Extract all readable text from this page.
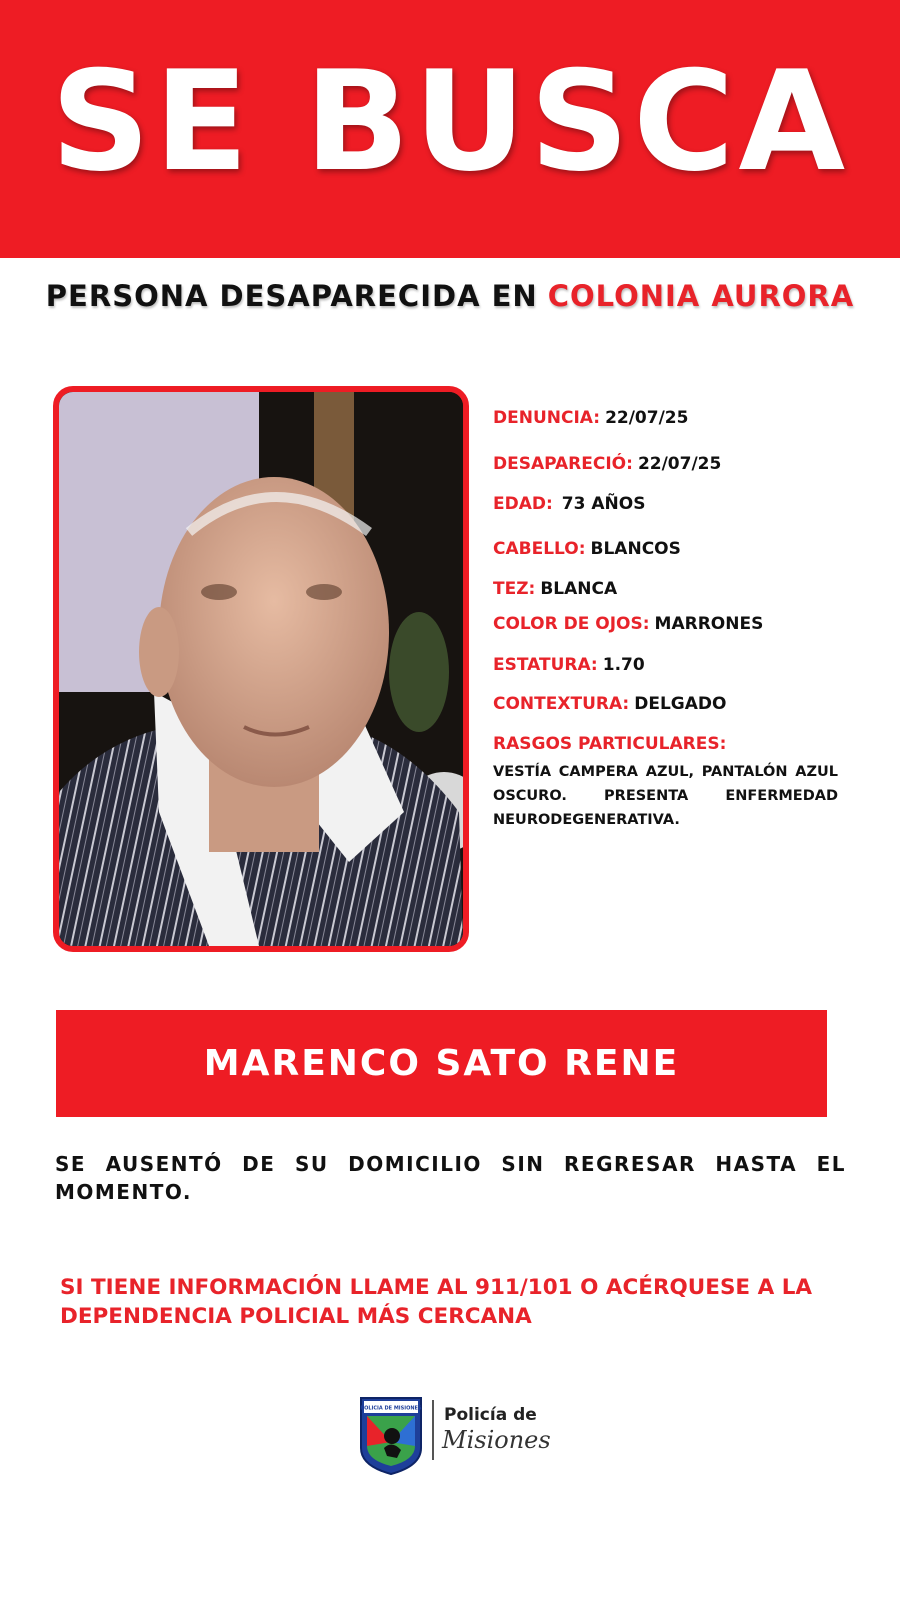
SE BUSCA
PERSONA DESAPARECIDA EN COLONIA AURORA
DENUNCIA: 22/07/25
DESAPARECIÓ: 22/07/25
EDAD: 73 AÑOS
CABELLO: BLANCOS
TEZ: BLANCA
COLOR DE OJOS: MARRONES
ESTATURA: 1.70
CONTEXTURA: DELGADO
RASGOS PARTICULARES:
VESTÍA CAMPERA AZUL, PANTALÓN AZUL OSCURO. PRESENTA ENFERMEDAD NEURODEGENERATIVA.
MARENCO SATO RENE
SE AUSENTÓ DE SU DOMICILIO SIN REGRESAR HASTA EL MOMENTO.
SI TIENE INFORMACIÓN LLAME AL 911/101 O ACÉRQUESE A LA
DEPENDENCIA POLICIAL MÁS CERCANA
POLICIA DE MISIONES Policía de
Misiones
